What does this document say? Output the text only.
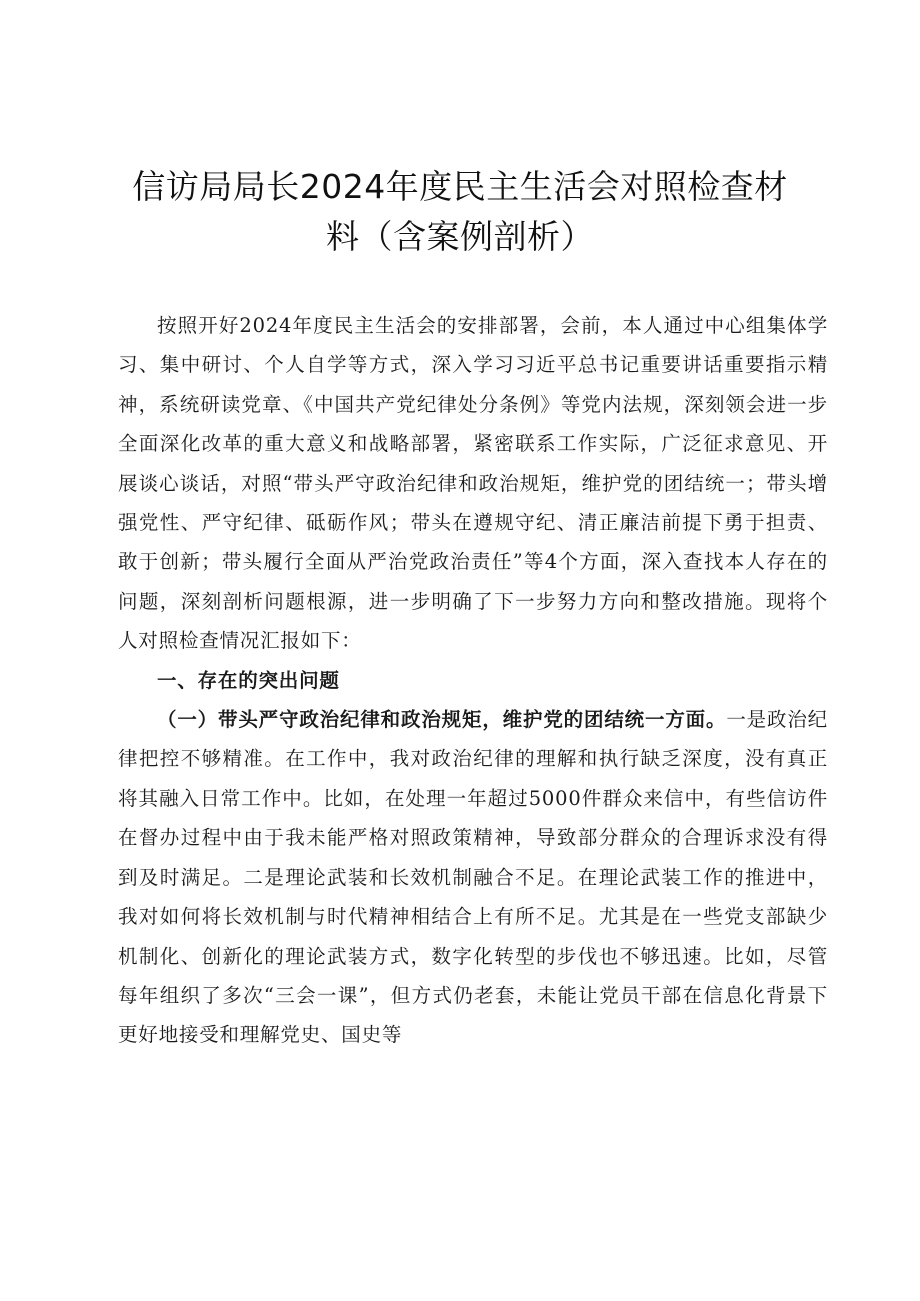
信访局局长2024年度民主生活会对照检查材
料（含案例剖析）

按照开好2024年度民主生活会的安排部署，会前，本人通过中心组集体学习、集中研讨、个人自学等方式，深入学习习近平总书记重要讲话重要指示精神，系统研读党章、《中国共产党纪律处分条例》等党内法规，深刻领会进一步全面深化改革的重大意义和战略部署，紧密联系工作实际，广泛征求意见、开展谈心谈话，对照“带头严守政治纪律和政治规矩，维护党的团结统一；带头增强党性、严守纪律、砥砺作风；带头在遵规守纪、清正廉洁前提下勇于担责、敢于创新；带头履行全面从严治党政治责任”等4个方面，深入查找本人存在的问题，深刻剖析问题根源，进一步明确了下一步努力方向和整改措施。现将个人对照检查情况汇报如下：

一、存在的突出问题

（一）带头严守政治纪律和政治规矩，维护党的团结统一方面。一是政治纪律把控不够精准。在工作中，我对政治纪律的理解和执行缺乏深度，没有真正将其融入日常工作中。比如，在处理一年超过5000件群众来信中，有些信访件在督办过程中由于我未能严格对照政策精神，导致部分群众的合理诉求没有得到及时满足。二是理论武装和长效机制融合不足。在理论武装工作的推进中，我对如何将长效机制与时代精神相结合上有所不足。尤其是在一些党支部缺少机制化、创新化的理论武装方式，数字化转型的步伐也不够迅速。比如，尽管每年组织了多次“三会一课”，但方式仍老套，未能让党员干部在信息化背景下更好地接受和理解党史、国史等
